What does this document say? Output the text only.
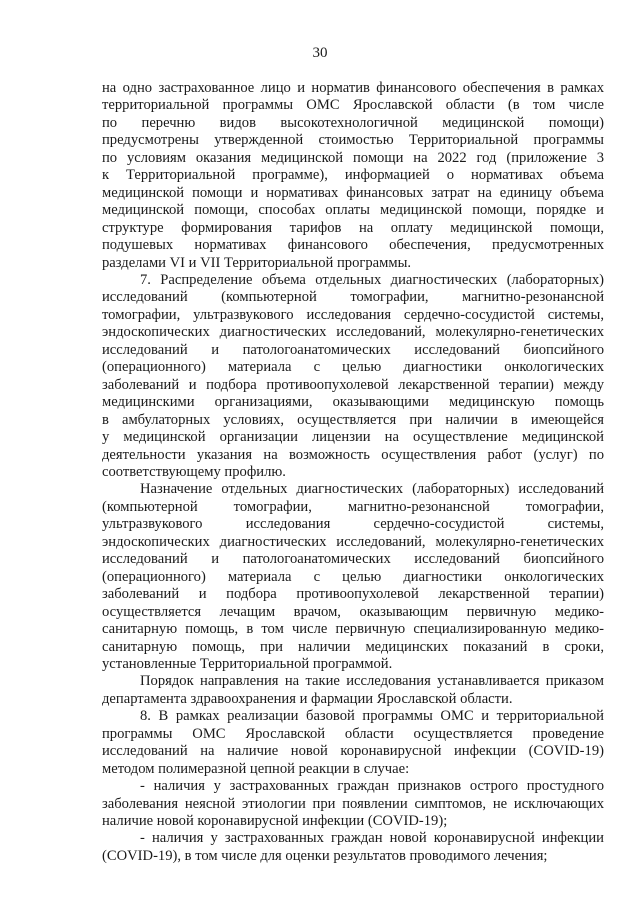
30

на одно застрахованное лицо и норматив финансового обеспечения в рамках
территориальной программы ОМС Ярославской области (в том числе
по перечню видов высокотехнологичной медицинской помощи)
предусмотрены утвержденной стоимостью Территориальной программы
по условиям оказания медицинской помощи на 2022 год (приложение 3
к Территориальной программе), информацией о нормативах объема
медицинской помощи и нормативах финансовых затрат на единицу объема
медицинской помощи, способах оплаты медицинской помощи, порядке и
структуре формирования тарифов на оплату медицинской помощи,
подушевых нормативах финансового обеспечения, предусмотренных
разделами VI и VII Территориальной программы.

7. Распределение объема отдельных диагностических (лабораторных)
исследований (компьютерной томографии, магнитно-резонансной
томографии, ультразвукового исследования сердечно-сосудистой системы,
эндоскопических диагностических исследований, молекулярно-генетических
исследований и патологоанатомических исследований биопсийного
(операционного) материала с целью диагностики онкологических
заболеваний и подбора противоопухолевой лекарственной терапии) между
медицинскими организациями, оказывающими медицинскую помощь
в амбулаторных условиях, осуществляется при наличии в имеющейся
у медицинской организации лицензии на осуществление медицинской
деятельности указания на возможность осуществления работ (услуг) по
соответствующему профилю.

Назначение отдельных диагностических (лабораторных) исследований
(компьютерной томографии, магнитно-резонансной томографии,
ультразвукового исследования сердечно-сосудистой системы,
эндоскопических диагностических исследований, молекулярно-генетических
исследований и патологоанатомических исследований биопсийного
(операционного) материала с целью диагностики онкологических
заболеваний и подбора противоопухолевой лекарственной терапии)
осуществляется лечащим врачом, оказывающим первичную медико-
санитарную помощь, в том числе первичную специализированную медико-
санитарную помощь, при наличии медицинских показаний в сроки,
установленные Территориальной программой.

Порядок направления на такие исследования устанавливается приказом
департамента здравоохранения и фармации Ярославской области.

8. В рамках реализации базовой программы ОМС и территориальной
программы ОМС Ярославской области осуществляется проведение
исследований на наличие новой коронавирусной инфекции (COVID-19)
методом полимеразной цепной реакции в случае:

- наличия у застрахованных граждан признаков острого простудного
заболевания неясной этиологии при появлении симптомов, не исключающих
наличие новой коронавирусной инфекции (COVID-19);

- наличия у застрахованных граждан новой коронавирусной инфекции
(COVID-19), в том числе для оценки результатов проводимого лечения;
